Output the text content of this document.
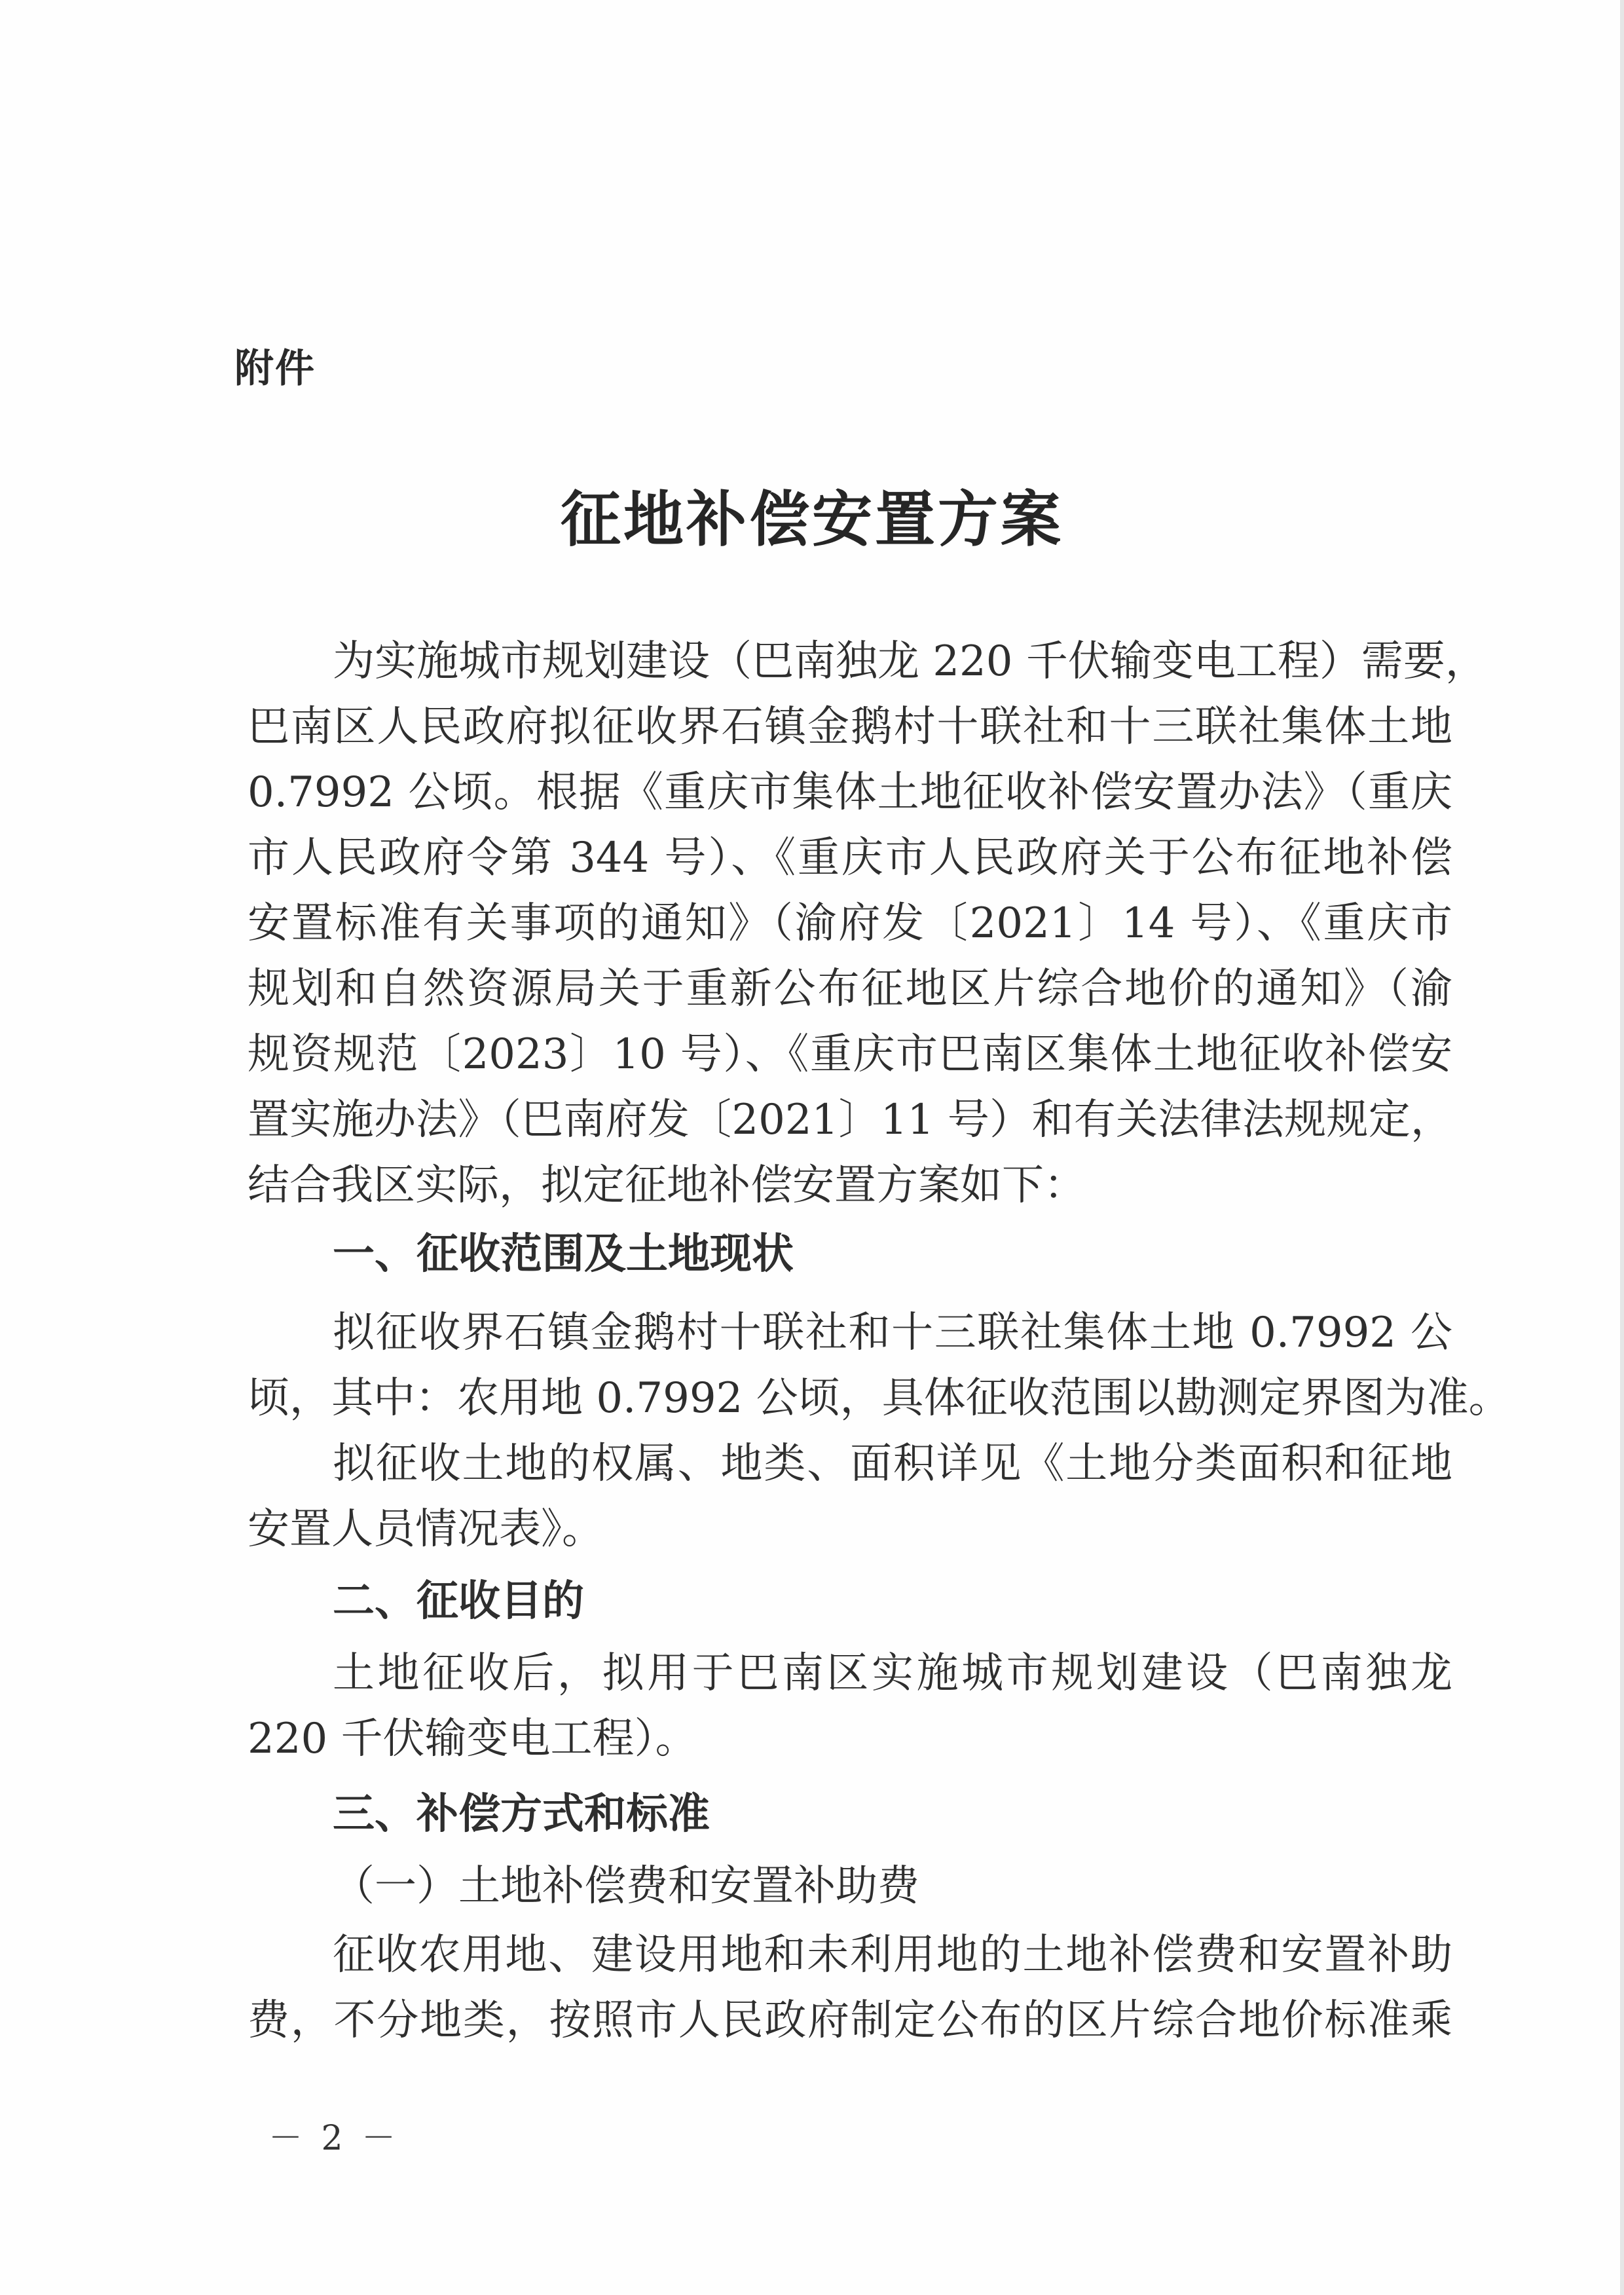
附件
征地补偿安置方案
为实施城市规划建设（巴南独龙 220 千伏输变电工程）需要，
巴南区人民政府拟征收界石镇金鹅村十联社和十三联社集体土地
0.7992 公顷。根据《重庆市集体土地征收补偿安置办法》（重庆
市人民政府令第 344 号）、《重庆市人民政府关于公布征地补偿
安置标准有关事项的通知》（渝府发〔2021〕14 号）、《重庆市
规划和自然资源局关于重新公布征地区片综合地价的通知》（渝
规资规范〔2023〕10 号）、《重庆市巴南区集体土地征收补偿安
置实施办法》（巴南府发〔2021〕11 号）和有关法律法规规定，
结合我区实际，拟定征地补偿安置方案如下：
一、征收范围及土地现状
拟征收界石镇金鹅村十联社和十三联社集体土地 0.7992 公
顷，其中：农用地 0.7992 公顷，具体征收范围以勘测定界图为准。
拟征收土地的权属、地类、面积详见《土地分类面积和征地
安置人员情况表》。
二、征收目的
土地征收后，拟用于巴南区实施城市规划建设（巴南独龙
220 千伏输变电工程）。
三、补偿方式和标准
（一）土地补偿费和安置补助费
征收农用地、建设用地和未利用地的土地补偿费和安置补助
费，不分地类，按照市人民政府制定公布的区片综合地价标准乘
－ 2 －
